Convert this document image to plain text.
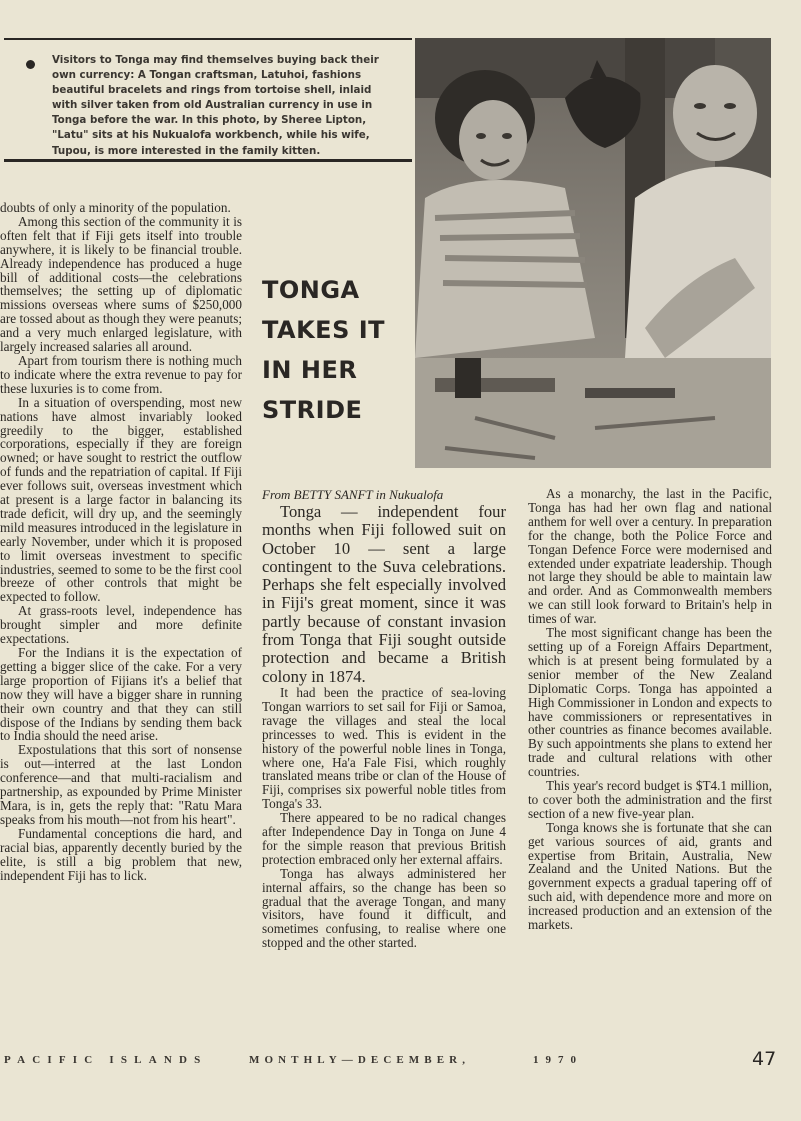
Visitors to Tonga may find themselves buying back their own currency: A Tongan craftsman, Latuhoi, fashions beautiful bracelets and rings from tortoise shell, inlaid with silver taken from old Australian currency in use in Tonga before the war. In this photo, by Sheree Lipton, "Latu" sits at his Nukualofa workbench, while his wife, Tupou, is more interested in the family kitten.
TONGA
TAKES IT
IN HER
STRIDE

doubts of only a minority of the population.

Among this section of the community it is often felt that if Fiji gets itself into trouble anywhere, it is likely to be financial trouble. Already independence has produced a huge bill of additional costs—the celebrations themselves; the setting up of diplomatic missions overseas where sums of $250,000 are tossed about as though they were peanuts; and a very much enlarged legislature, with largely increased salaries all around.

Apart from tourism there is nothing much to indicate where the extra revenue to pay for these luxuries is to come from.

In a situation of overspending, most new nations have almost invariably looked greedily to the bigger, established corporations, especially if they are foreign owned; or have sought to restrict the outflow of funds and the repatriation of capital. If Fiji ever follows suit, overseas investment which at present is a large factor in balancing its trade deficit, will dry up, and the seemingly mild measures introduced in the legislature in early November, under which it is proposed to limit overseas investment to specific industries, seemed to some to be the first cool breeze of other controls that might be expected to follow.

At grass-roots level, independence has brought simpler and more definite expectations.

For the Indians it is the expectation of getting a bigger slice of the cake. For a very large proportion of Fijians it's a belief that now they will have a bigger share in running their own country and that they can still dispose of the Indians by sending them back to India should the need arise.

Expostulations that this sort of nonsense is out—interred at the last London conference—and that multi-racialism and partnership, as expounded by Prime Minister Mara, is in, gets the reply that: "Ratu Mara speaks from his mouth—not from his heart".

Fundamental conceptions die hard, and racial bias, apparently decently buried by the elite, is still a big problem that new, independent Fiji has to lick.

From BETTY SANFT in Nukualofa

Tonga — independent four months when Fiji followed suit on October 10 — sent a large contingent to the Suva celebrations. Perhaps she felt especially involved in Fiji's great moment, since it was partly because of constant invasion from Tonga that Fiji sought outside protection and became a British colony in 1874.

It had been the practice of sea-loving Tongan warriors to set sail for Fiji or Samoa, ravage the villages and steal the local princesses to wed. This is evident in the history of the powerful noble lines in Tonga, where one, Ha'a Fale Fisi, which roughly translated means tribe or clan of the House of Fiji, comprises six powerful noble titles from Tonga's 33.

There appeared to be no radical changes after Independence Day in Tonga on June 4 for the simple reason that previous British protection embraced only her external affairs.

Tonga has always administered her internal affairs, so the change has been so gradual that the average Tongan, and many visitors, have found it difficult, and sometimes confusing, to realise where one stopped and the other started.

As a monarchy, the last in the Pacific, Tonga has had her own flag and national anthem for well over a century. In preparation for the change, both the Police Force and Tongan Defence Force were modernised and extended under expatriate leadership. Though not large they should be able to maintain law and order. And as Commonwealth members we can still look forward to Britain's help in times of war.

The most significant change has been the setting up of a Foreign Affairs Department, which is at present being formulated by a senior member of the New Zealand Diplomatic Corps. Tonga has appointed a High Commissioner in London and expects to have commissioners or representatives in other countries as finance becomes available. By such appointments she plans to extend her trade and cultural relations with other countries.

This year's record budget is $T4.1 million, to cover both the administration and the first section of a new five-year plan.

Tonga knows she is fortunate that she can get various sources of aid, grants and expertise from Britain, Australia, New Zealand and the United Nations. But the government expects a gradual tapering off of such aid, with dependence more and more on increased production and an extension of the markets.

PACIFIC ISLANDS	MONTHLY—DECEMBER,	1970	47
